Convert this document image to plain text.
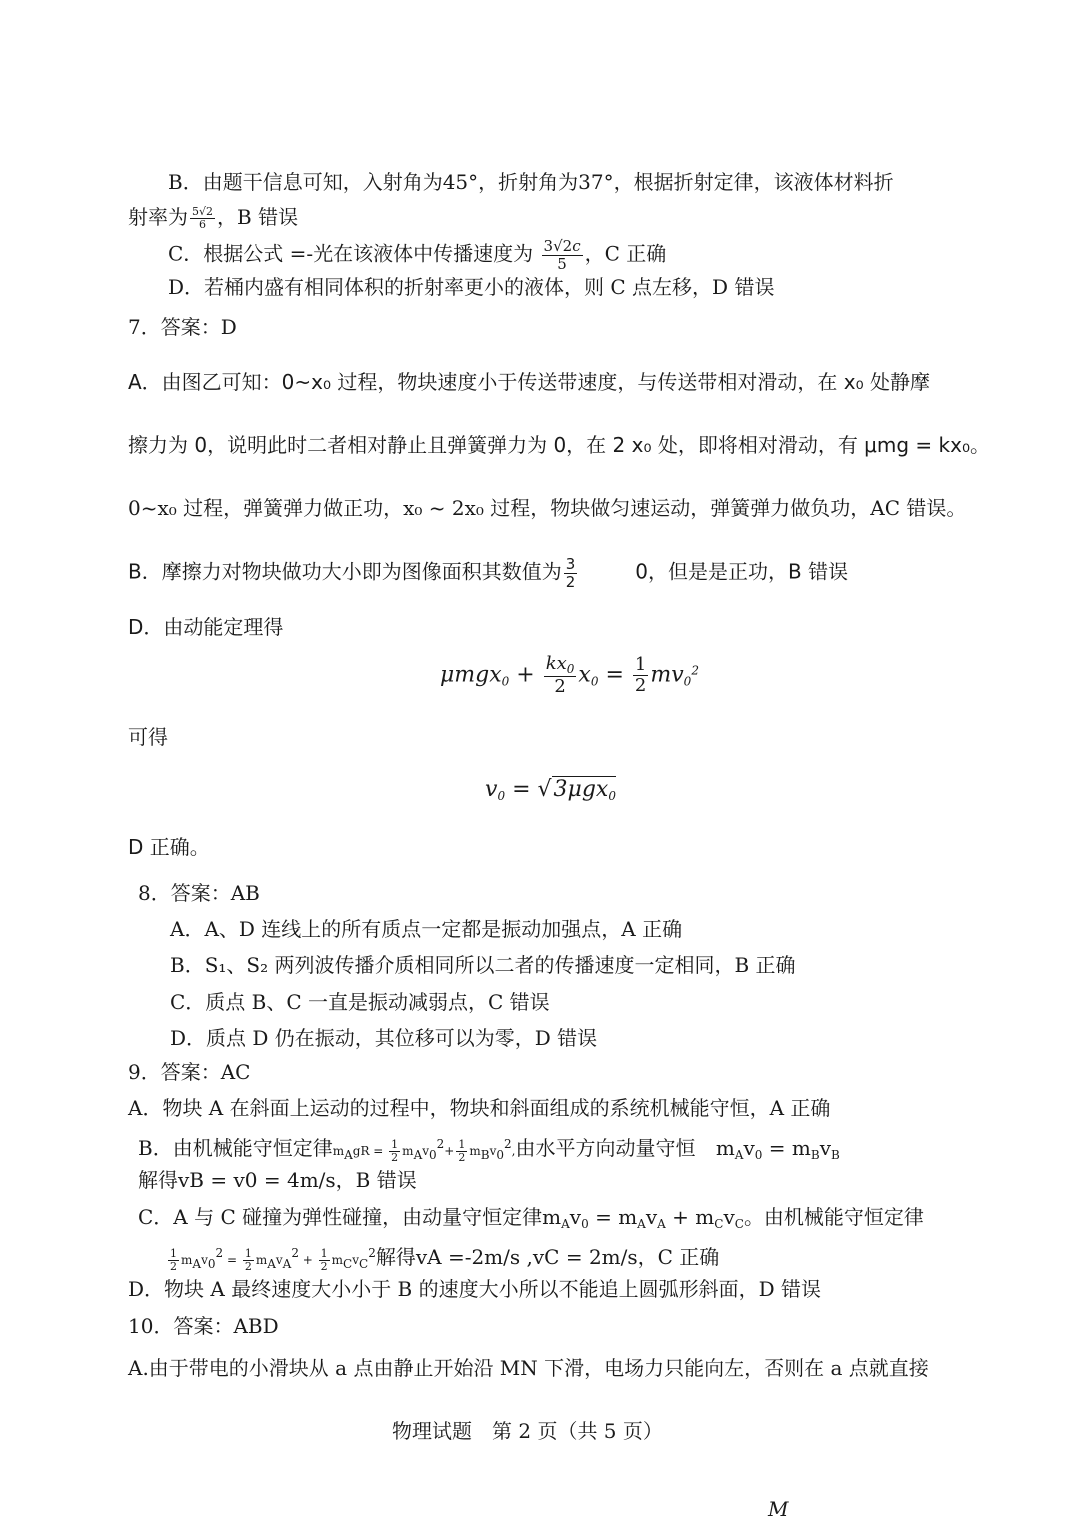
B．由题干信息可知，入射角为45°，折射角为37°，根据折射定律，该液体材料折
射率为 $\frac{5√2}{6}$ ，B 错误
C．根据公式 =-光在该液体中传播速度为 $\frac{3√2c}{5}$ ，C 正确
D．若桶内盛有相同体积的折射率更小的液体，则 C 点左移，D 错误
7．答案：D
A．由图乙可知：0~x₀ 过程，物块速度小于传送带速度，与传送带相对滑动，在 x₀ 处静摩
擦力为 0，说明此时二者相对静止且弹簧弹力为 0，在 2 x₀ 处，即将相对滑动，有 μmg = kx₀。
0~x₀ 过程，弹簧弹力做正功，x₀ ~ 2x₀ 过程，物块做匀速运动，弹簧弹力做负功，AC 错误。
B．摩擦力对物块做功大小即为图像面积其数值为 $\frac{3}{2}$	0，但是是正功，B 错误
D．由动能定理得
$\mu mgx_0 + \frac{kx_0}{2} x_0 = \frac{1}{2} mv_0^2$
可得
$v_0 = √3\mu gx_0$
D 正确。
8．答案：AB
A．A、D 连线上的所有质点一定都是振动加强点，A 正确
B．S₁、S₂ 两列波传播介质相同所以二者的传播速度一定相同，B 正确
C．质点 B、C 一直是振动减弱点，C 错误
D．质点 D 仍在振动，其位移可以为零，D 错误
9．答案：AC
A．物块 A 在斜面上运动的过程中，物块和斜面组成的系统机械能守恒，A 正确
B．由机械能守恒定律$m_AgR = \frac{1}{2} m_Av_0^2+ \frac{1}{2} m_Bv_0^2$,由水平方向动量守恒 $m_Av_0 = m_Bv_B$
解得vB = v0 = 4m/s，B 错误
C．A 与 C 碰撞为弹性碰撞，由动量守恒定律$m_Av_0 = m_Av_A + m_Cv_C$。由机械能守恒定律
$\frac{1}{2} m_Av_0^2 = \frac{1}{2} m_Av_A^2 + \frac{1}{2} m_Cv_C^2$解得vA =-2m/s ,vC = 2m/s，C 正确
D．物块 A 最终速度大小小于 B 的速度大小所以不能追上圆弧形斜面，D 错误
10．答案：ABD
A.由于带电的小滑块从 a 点由静止开始沿 MN 下滑，电场力只能向左，否则在 a 点就直接
物理试题　第 2 页（共 5 页）
M
